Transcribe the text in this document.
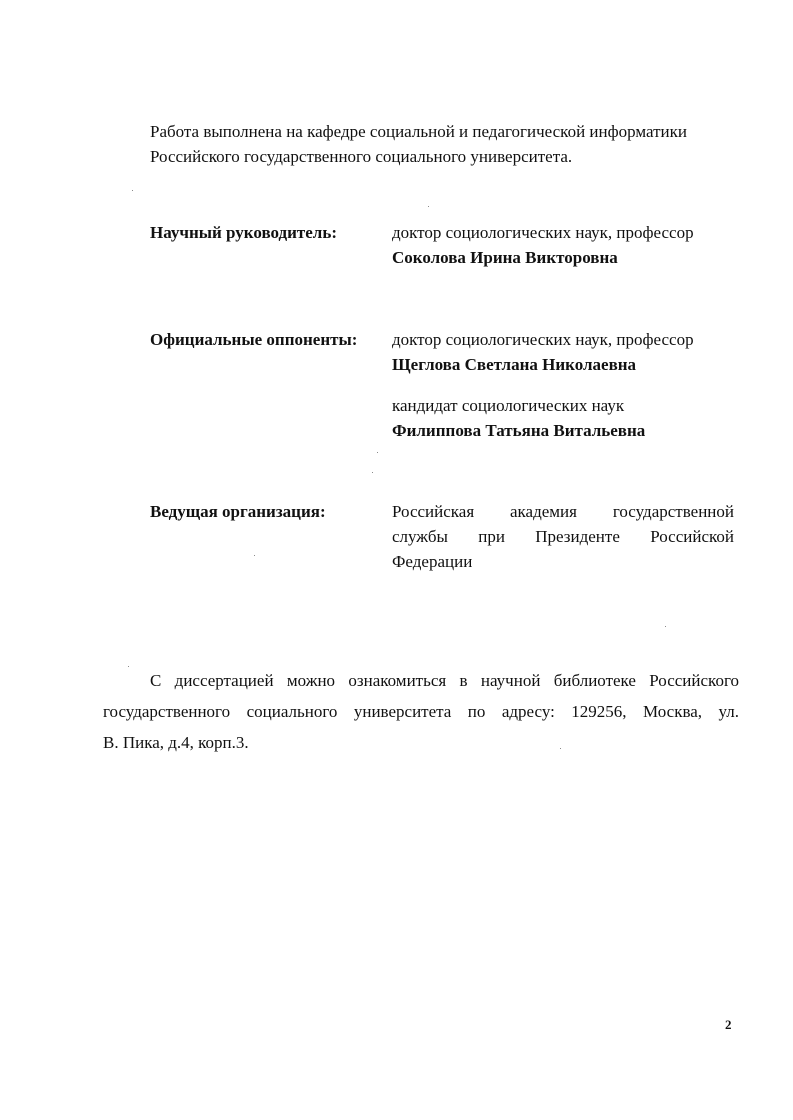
Работа выполнена на кафедре социальной и педагогической информатики
Российского государственного социального университета.
Научный руководитель:	доктор социологических наук, профессор
Соколова Ирина Викторовна
Официальные оппоненты: доктор социологических наук, профессор
Щеглова Светлана Николаевна
кандидат социологических наук
Филиппова Татьяна Витальевна
Ведущая организация:	Российская академия государственной
службы при Президенте Российской
Федерации
С диссертацией можно ознакомиться в научной библиотеке Российского
государственного социального университета по адресу: 129256, Москва, ул.
В. Пика, д.4, корп.3.
2
